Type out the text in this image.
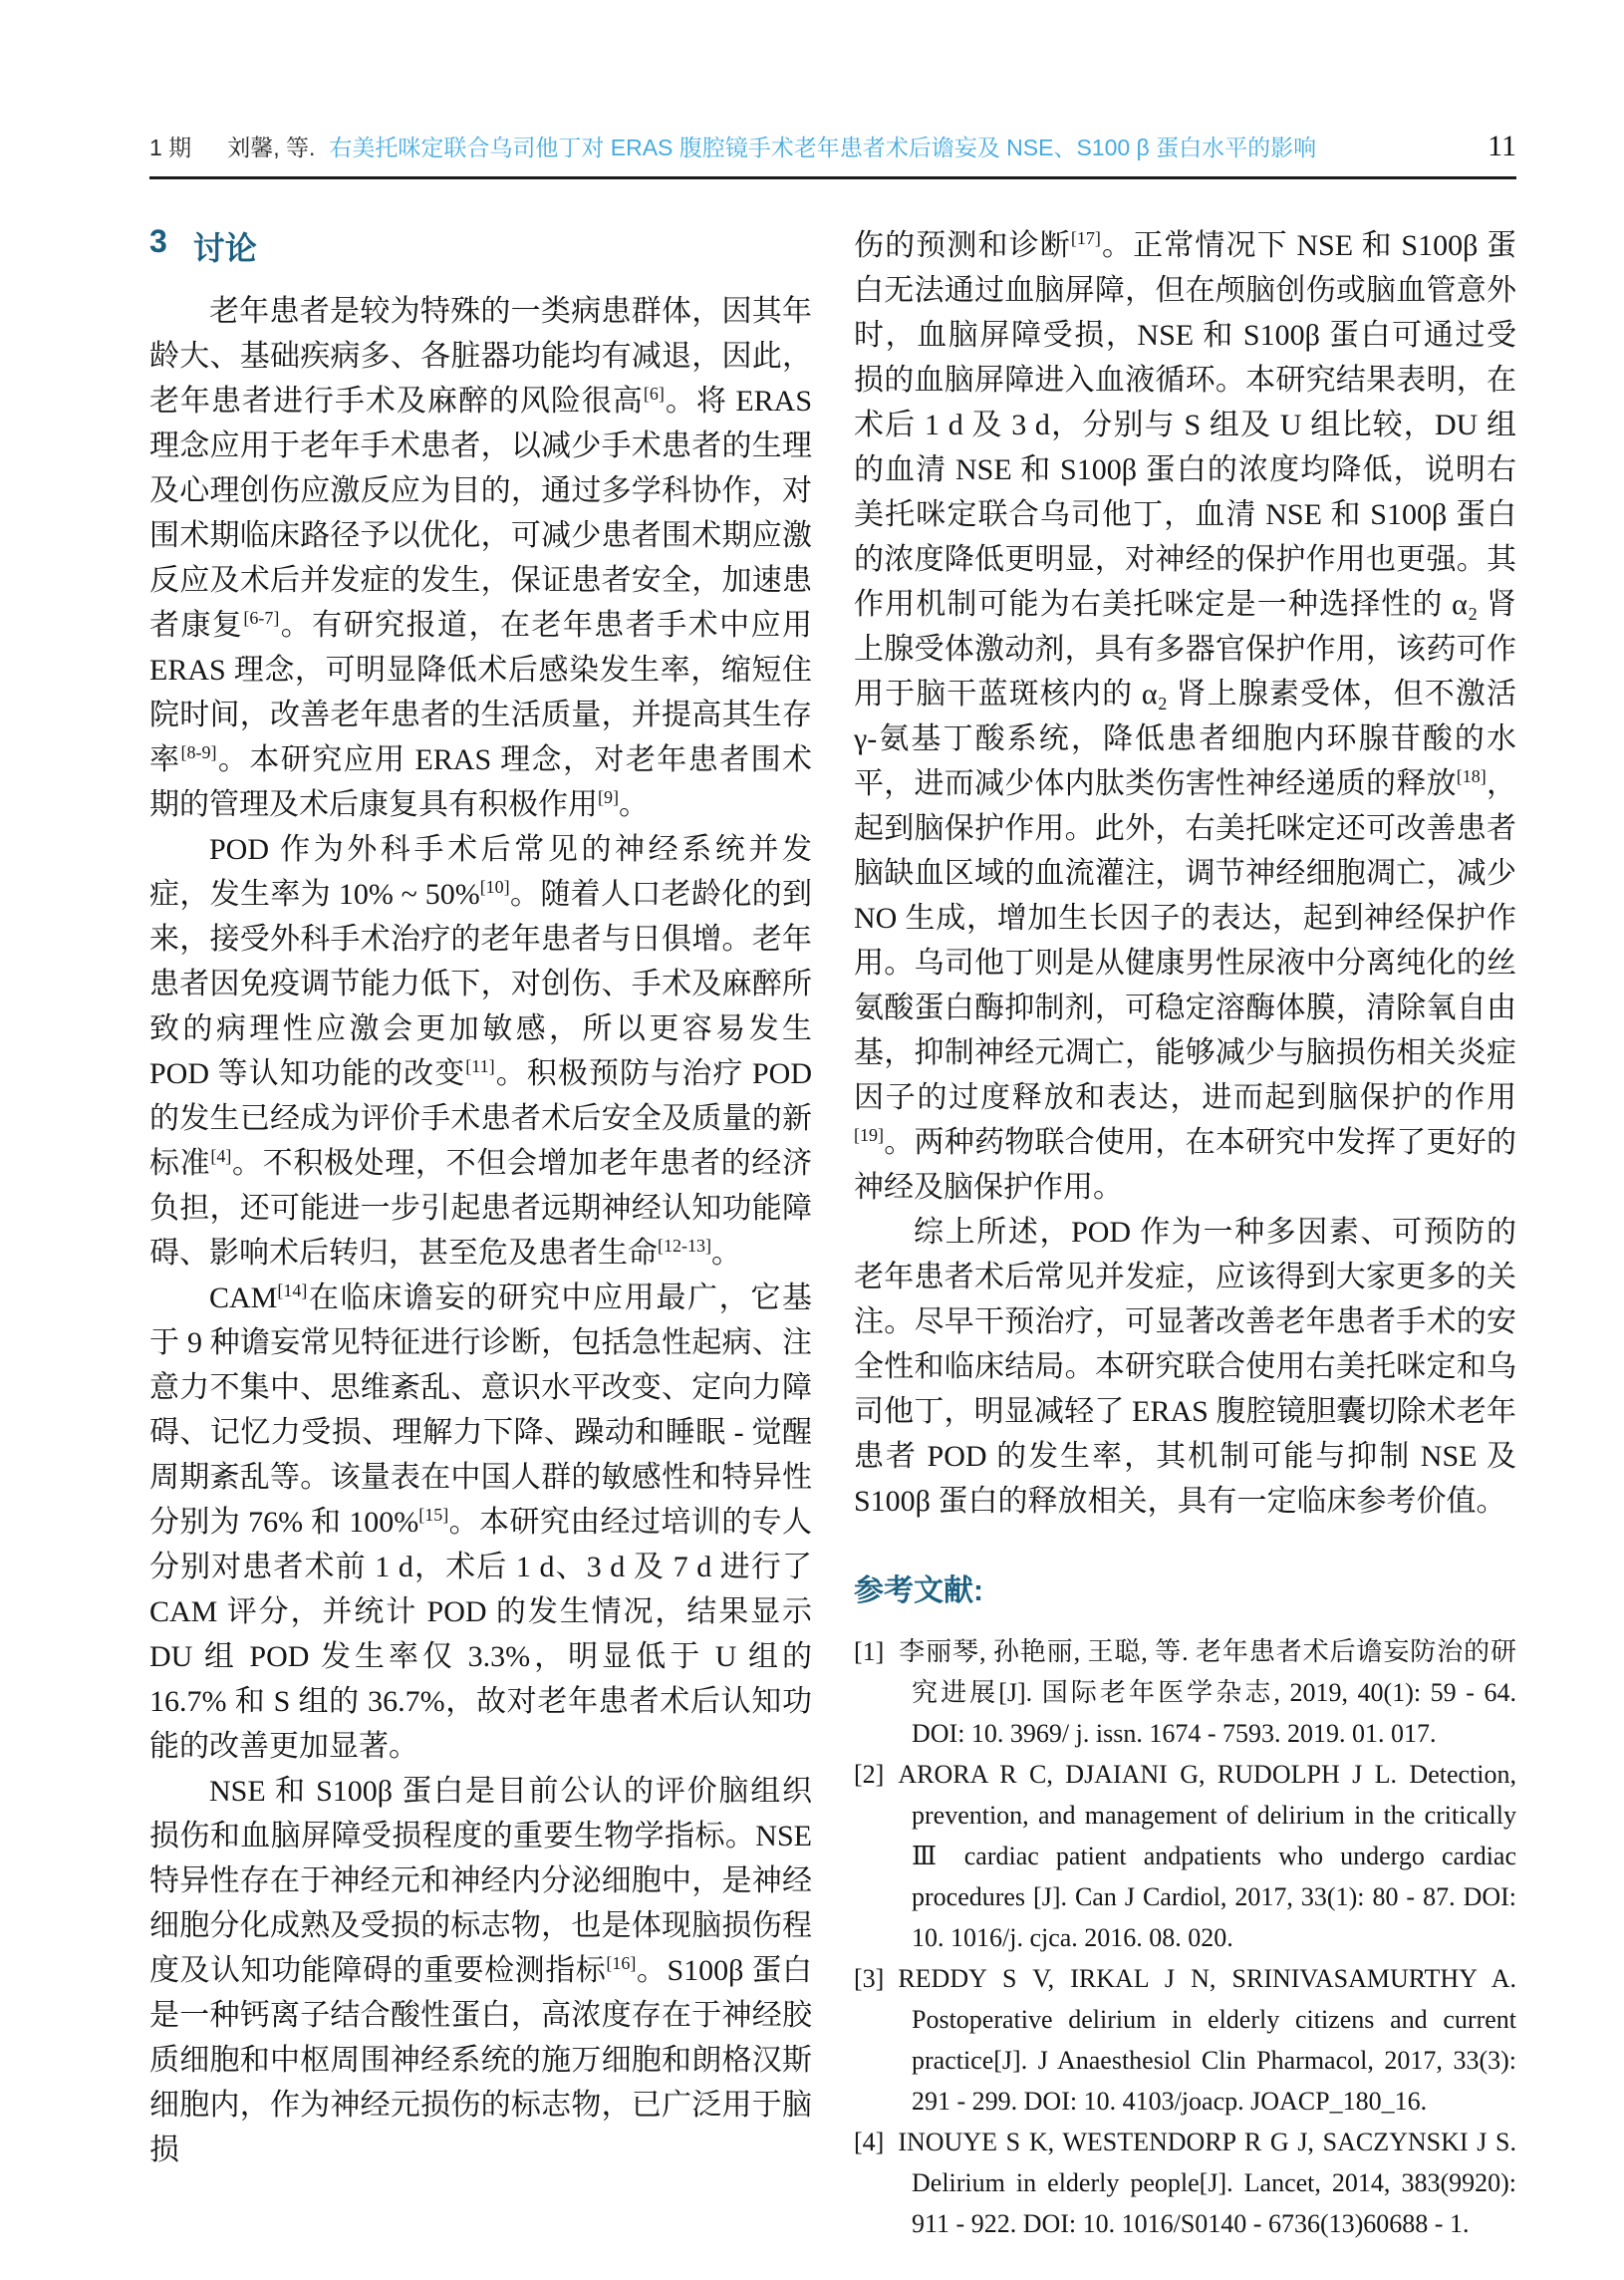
1 期 刘馨, 等. 右美托咪定联合乌司他丁对 ERAS 腹腔镜手术老年患者术后谵妄及 NSE、S100 β 蛋白水平的影响	11
3 讨论

老年患者是较为特殊的一类病患群体，因其年龄大、基础疾病多、各脏器功能均有减退，因此，老年患者进行手术及麻醉的风险很高[6]。将 ERAS 理念应用于老年手术患者，以减少手术患者的生理及心理创伤应激反应为目的，通过多学科协作，对围术期临床路径予以优化，可减少患者围术期应激反应及术后并发症的发生，保证患者安全，加速患者康复[6-7]。有研究报道，在老年患者手术中应用 ERAS 理念，可明显降低术后感染发生率，缩短住院时间，改善老年患者的生活质量，并提高其生存率[8-9]。本研究应用 ERAS 理念，对老年患者围术期的管理及术后康复具有积极作用[9]。

POD 作为外科手术后常见的神经系统并发症，发生率为 10% ~ 50%[10]。随着人口老龄化的到来，接受外科手术治疗的老年患者与日俱增。老年患者因免疫调节能力低下，对创伤、手术及麻醉所致的病理性应激会更加敏感，所以更容易发生 POD 等认知功能的改变[11]。积极预防与治疗 POD 的发生已经成为评价手术患者术后安全及质量的新标准[4]。不积极处理，不但会增加老年患者的经济负担，还可能进一步引起患者远期神经认知功能障碍、影响术后转归，甚至危及患者生命[12-13]。

CAM[14]在临床谵妄的研究中应用最广，它基于 9 种谵妄常见特征进行诊断，包括急性起病、注意力不集中、思维紊乱、意识水平改变、定向力障碍、记忆力受损、理解力下降、躁动和睡眠 - 觉醒周期紊乱等。该量表在中国人群的敏感性和特异性分别为 76% 和 100%[15]。本研究由经过培训的专人分别对患者术前 1 d，术后 1 d、3 d 及 7 d 进行了 CAM 评分，并统计 POD 的发生情况，结果显示 DU 组 POD 发生率仅 3.3%，明显低于 U 组的 16.7% 和 S 组的 36.7%，故对老年患者术后认知功能的改善更加显著。

NSE 和 S100β 蛋白是目前公认的评价脑组织损伤和血脑屏障受损程度的重要生物学指标。NSE 特异性存在于神经元和神经内分泌细胞中，是神经细胞分化成熟及受损的标志物，也是体现脑损伤程度及认知功能障碍的重要检测指标[16]。S100β 蛋白是一种钙离子结合酸性蛋白，高浓度存在于神经胶质细胞和中枢周围神经系统的施万细胞和朗格汉斯细胞内，作为神经元损伤的标志物，已广泛用于脑损

伤的预测和诊断[17]。正常情况下 NSE 和 S100β 蛋白无法通过血脑屏障，但在颅脑创伤或脑血管意外时，血脑屏障受损，NSE 和 S100β 蛋白可通过受损的血脑屏障进入血液循环。本研究结果表明，在术后 1 d 及 3 d，分别与 S 组及 U 组比较，DU 组的血清 NSE 和 S100β 蛋白的浓度均降低，说明右美托咪定联合乌司他丁，血清 NSE 和 S100β 蛋白的浓度降低更明显，对神经的保护作用也更强。其作用机制可能为右美托咪定是一种选择性的 α₂ 肾上腺受体激动剂，具有多器官保护作用，该药可作用于脑干蓝斑核内的 α₂ 肾上腺素受体，但不激活 γ-氨基丁酸系统，降低患者细胞内环腺苷酸的水平，进而减少体内肽类伤害性神经递质的释放[18]，起到脑保护作用。此外，右美托咪定还可改善患者脑缺血区域的血流灌注，调节神经细胞凋亡，减少 NO 生成，增加生长因子的表达，起到神经保护作用。乌司他丁则是从健康男性尿液中分离纯化的丝氨酸蛋白酶抑制剂，可稳定溶酶体膜，清除氧自由基，抑制神经元凋亡，能够减少与脑损伤相关炎症因子的过度释放和表达，进而起到脑保护的作用[19]。两种药物联合使用，在本研究中发挥了更好的神经及脑保护作用。

综上所述，POD 作为一种多因素、可预防的老年患者术后常见并发症，应该得到大家更多的关注。尽早干预治疗，可显著改善老年患者手术的安全性和临床结局。本研究联合使用右美托咪定和乌司他丁，明显减轻了 ERAS 腹腔镜胆囊切除术老年患者 POD 的发生率，其机制可能与抑制 NSE 及 S100β 蛋白的释放相关，具有一定临床参考价值。

参考文献:

[1] 李丽琴, 孙艳丽, 王聪, 等. 老年患者术后谵妄防治的研究进展[J]. 国际老年医学杂志, 2019, 40(1): 59 - 64. DOI: 10. 3969/ j. issn. 1674 - 7593. 2019. 01. 017.

[2] ARORA R C, DJAIANI G, RUDOLPH J L. Detection, prevention, and management of delirium in the critically Ⅲ cardiac patient andpatients who undergo cardiac procedures [J]. Can J Cardiol, 2017, 33(1): 80 - 87. DOI: 10. 1016/j. cjca. 2016. 08. 020.

[3] REDDY S V, IRKAL J N, SRINIVASAMURTHY A. Postoperative delirium in elderly citizens and current practice[J]. J Anaesthesiol Clin Pharmacol, 2017, 33(3): 291 - 299. DOI: 10. 4103/joacp. JOACP_180_16.

[4] INOUYE S K, WESTENDORP R G J, SACZYNSKI J S. Delirium in elderly people[J]. Lancet, 2014, 383(9920): 911 - 922. DOI: 10. 1016/S0140 - 6736(13)60688 - 1.
